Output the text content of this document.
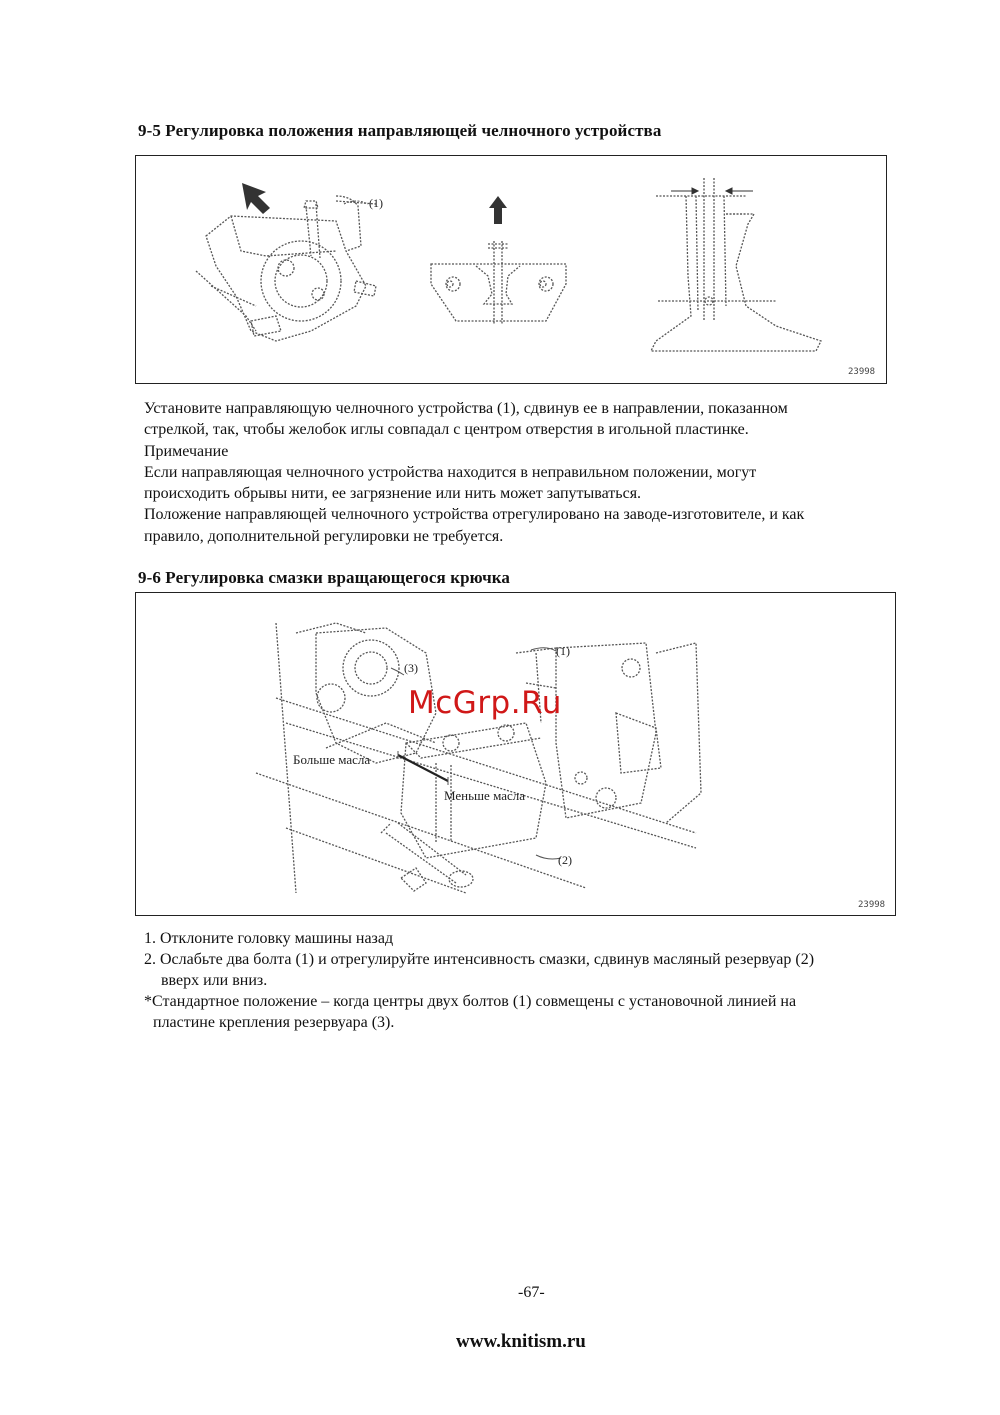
9-5 Регулировка положения направляющей челночного устройства
(1)
23998

Установите направляющую челночного устройства (1), сдвинув ее в направлении, показанном

стрелкой, так, чтобы желобок иглы совпадал с центром отверстия в игольной пластинке.

Примечание

Если направляющая челночного устройства находится в неправильном положении, могут

происходить обрывы нити, ее загрязнение или нить может запутываться.

Положение направляющей челночного устройства отрегулировано на заводе-изготовителе, и как

правило, дополнительной регулировки не требуется.

9-6 Регулировка смазки вращающегося крючка
(1)
(3)
(2)
Больше масла
Меньше масла
23998
McGrp.Ru

1. Отклоните головку машины назад

2. Ослабьте два болта (1) и отрегулируйте интенсивность смазки, сдвинув масляный резервуар (2)

вверх или вниз.

*Стандартное положение – когда центры двух болтов (1) совмещены с установочной линией на

пластине крепления резервуара (3).

-67-
www.knitism.ru
